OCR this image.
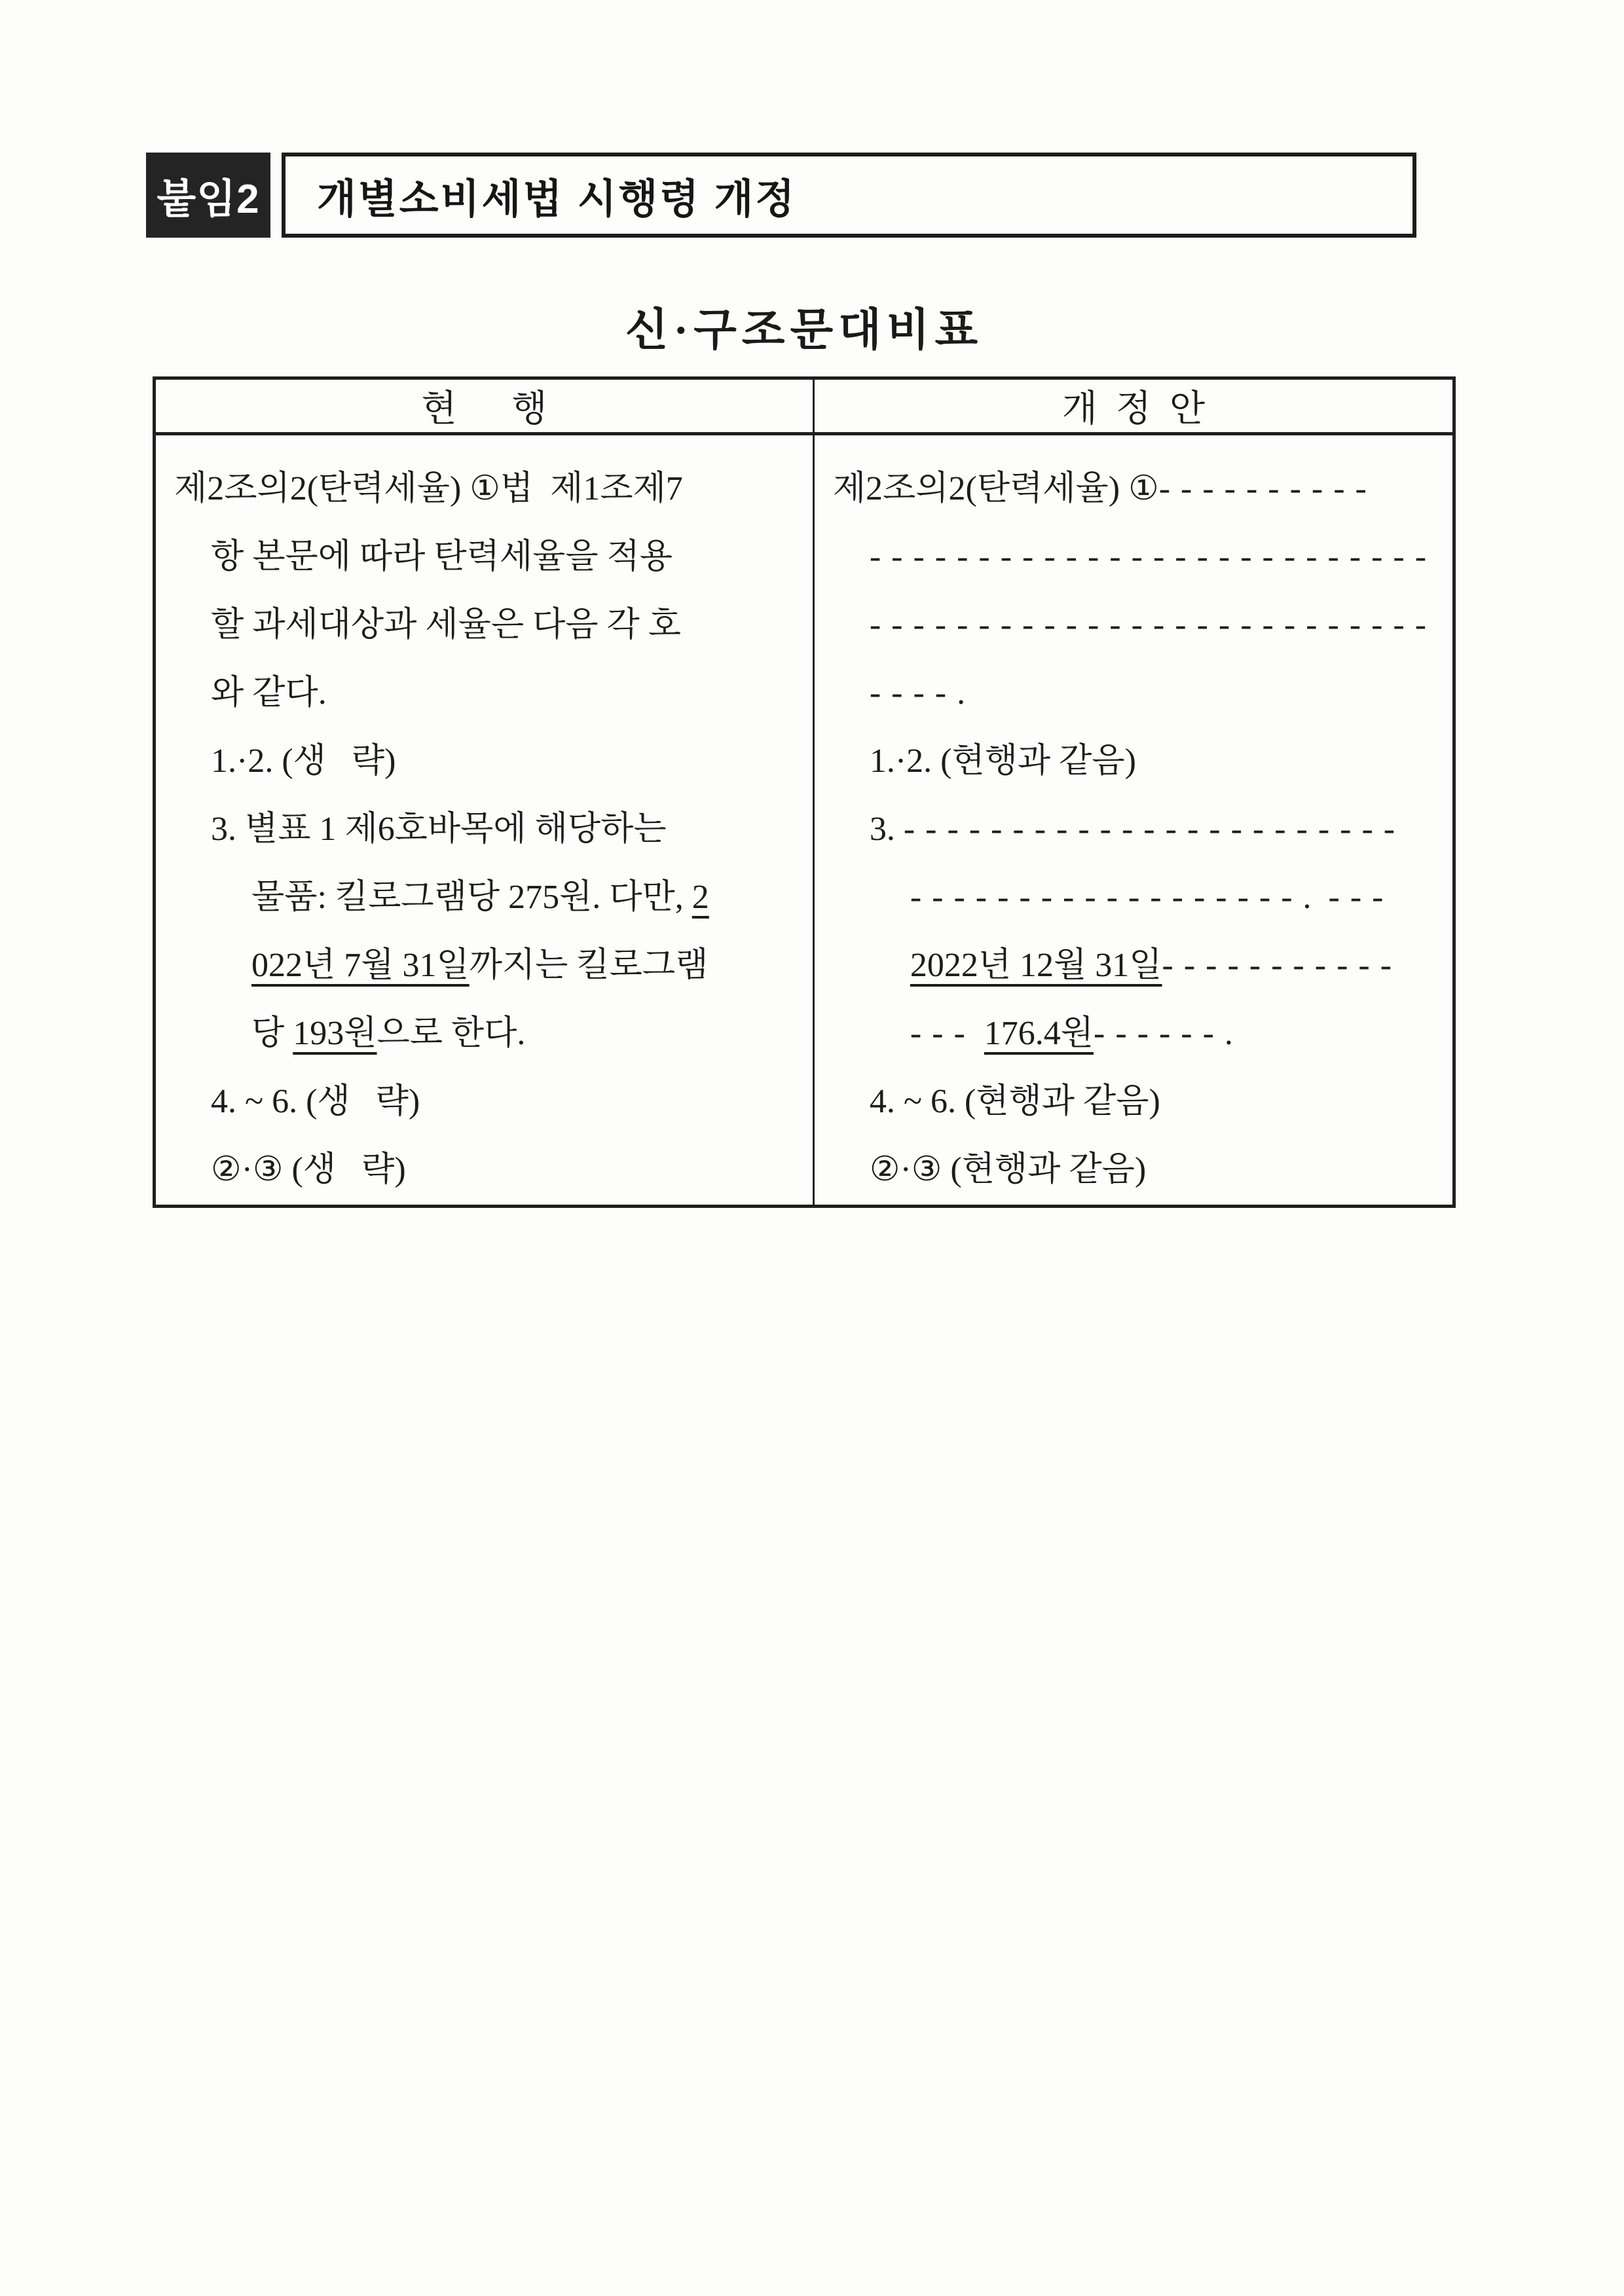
붙임2 개별소비세법 시행령 개정
신·구조문대비표
현      행	개  정  안
제2조의2(탄력세율) ①법  제1조제7
항 본문에 따라 탄력세율을 적용
할 과세대상과 세율은 다음 각 호
와 같다.
1.·2. (생   략)
3. 별표 1 제6호바목에 해당하는
물품: 킬로그램당 275원. 다만, 2
022년 7월 31일까지는 킬로그램
당 193원으로 한다.
4. ~ 6. (생   략)
②·③ (생   략)
제2조의2(탄력세율) ①----------
--------------------------
--------------------------
----.
1.·2. (현행과 같음)
3. -----------------------
------------------.  ---
2022년 12월 31일-----------
--- 176.4원------.
4. ~ 6. (현행과 같음)
②·③ (현행과 같음)
